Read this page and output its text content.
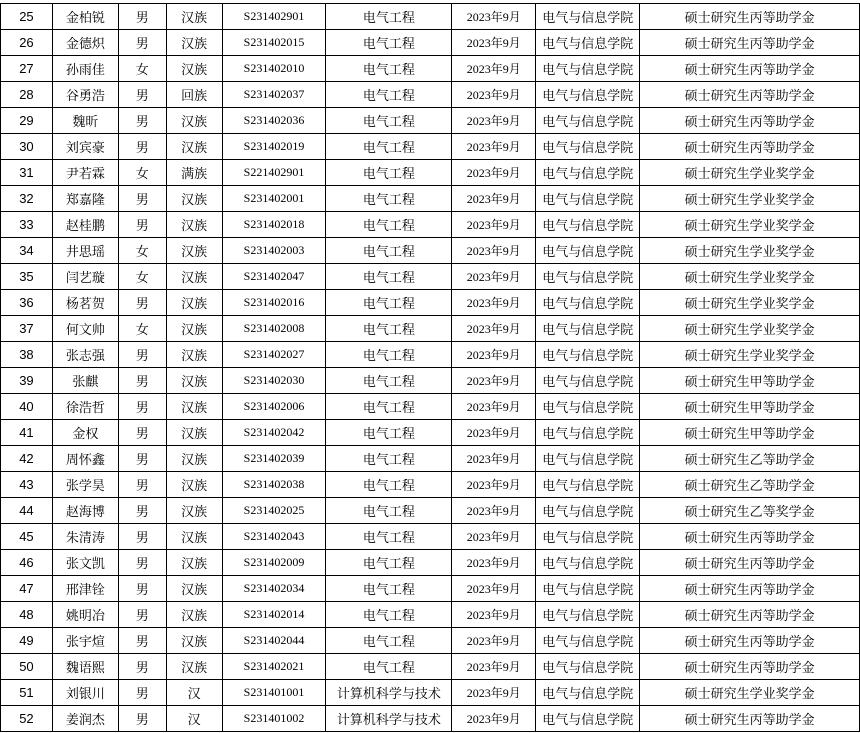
25	金柏锐	男	汉族	S231402901	电气工程	2023年9月	电气与信息学院	硕士研究生丙等助学金
26	金德炽	男	汉族	S231402015	电气工程	2023年9月	电气与信息学院	硕士研究生丙等助学金
27	孙雨佳	女	汉族	S231402010	电气工程	2023年9月	电气与信息学院	硕士研究生丙等助学金
28	谷勇浩	男	回族	S231402037	电气工程	2023年9月	电气与信息学院	硕士研究生丙等助学金
29	魏昕	男	汉族	S231402036	电气工程	2023年9月	电气与信息学院	硕士研究生丙等助学金
30	刘宾豪	男	汉族	S231402019	电气工程	2023年9月	电气与信息学院	硕士研究生丙等助学金
31	尹若霖	女	满族	S221402901	电气工程	2023年9月	电气与信息学院	硕士研究生学业奖学金
32	郑嘉隆	男	汉族	S231402001	电气工程	2023年9月	电气与信息学院	硕士研究生学业奖学金
33	赵桂鹏	男	汉族	S231402018	电气工程	2023年9月	电气与信息学院	硕士研究生学业奖学金
34	井思瑶	女	汉族	S231402003	电气工程	2023年9月	电气与信息学院	硕士研究生学业奖学金
35	闫艺璇	女	汉族	S231402047	电气工程	2023年9月	电气与信息学院	硕士研究生学业奖学金
36	杨茗贺	男	汉族	S231402016	电气工程	2023年9月	电气与信息学院	硕士研究生学业奖学金
37	何文帅	女	汉族	S231402008	电气工程	2023年9月	电气与信息学院	硕士研究生学业奖学金
38	张志强	男	汉族	S231402027	电气工程	2023年9月	电气与信息学院	硕士研究生学业奖学金
39	张麒	男	汉族	S231402030	电气工程	2023年9月	电气与信息学院	硕士研究生甲等助学金
40	徐浩哲	男	汉族	S231402006	电气工程	2023年9月	电气与信息学院	硕士研究生甲等助学金
41	金权	男	汉族	S231402042	电气工程	2023年9月	电气与信息学院	硕士研究生甲等助学金
42	周怀鑫	男	汉族	S231402039	电气工程	2023年9月	电气与信息学院	硕士研究生乙等助学金
43	张学昊	男	汉族	S231402038	电气工程	2023年9月	电气与信息学院	硕士研究生乙等助学金
44	赵海博	男	汉族	S231402025	电气工程	2023年9月	电气与信息学院	硕士研究生乙等奖学金
45	朱清涛	男	汉族	S231402043	电气工程	2023年9月	电气与信息学院	硕士研究生丙等助学金
46	张文凯	男	汉族	S231402009	电气工程	2023年9月	电气与信息学院	硕士研究生丙等助学金
47	邢津铨	男	汉族	S231402034	电气工程	2023年9月	电气与信息学院	硕士研究生丙等助学金
48	姚明冶	男	汉族	S231402014	电气工程	2023年9月	电气与信息学院	硕士研究生丙等助学金
49	张宇煊	男	汉族	S231402044	电气工程	2023年9月	电气与信息学院	硕士研究生丙等助学金
50	魏语熙	男	汉族	S231402021	电气工程	2023年9月	电气与信息学院	硕士研究生丙等助学金
51	刘银川	男	汉	S231401001	计算机科学与技术	2023年9月	电气与信息学院	硕士研究生学业奖学金
52	姜润杰	男	汉	S231401002	计算机科学与技术	2023年9月	电气与信息学院	硕士研究生丙等助学金
